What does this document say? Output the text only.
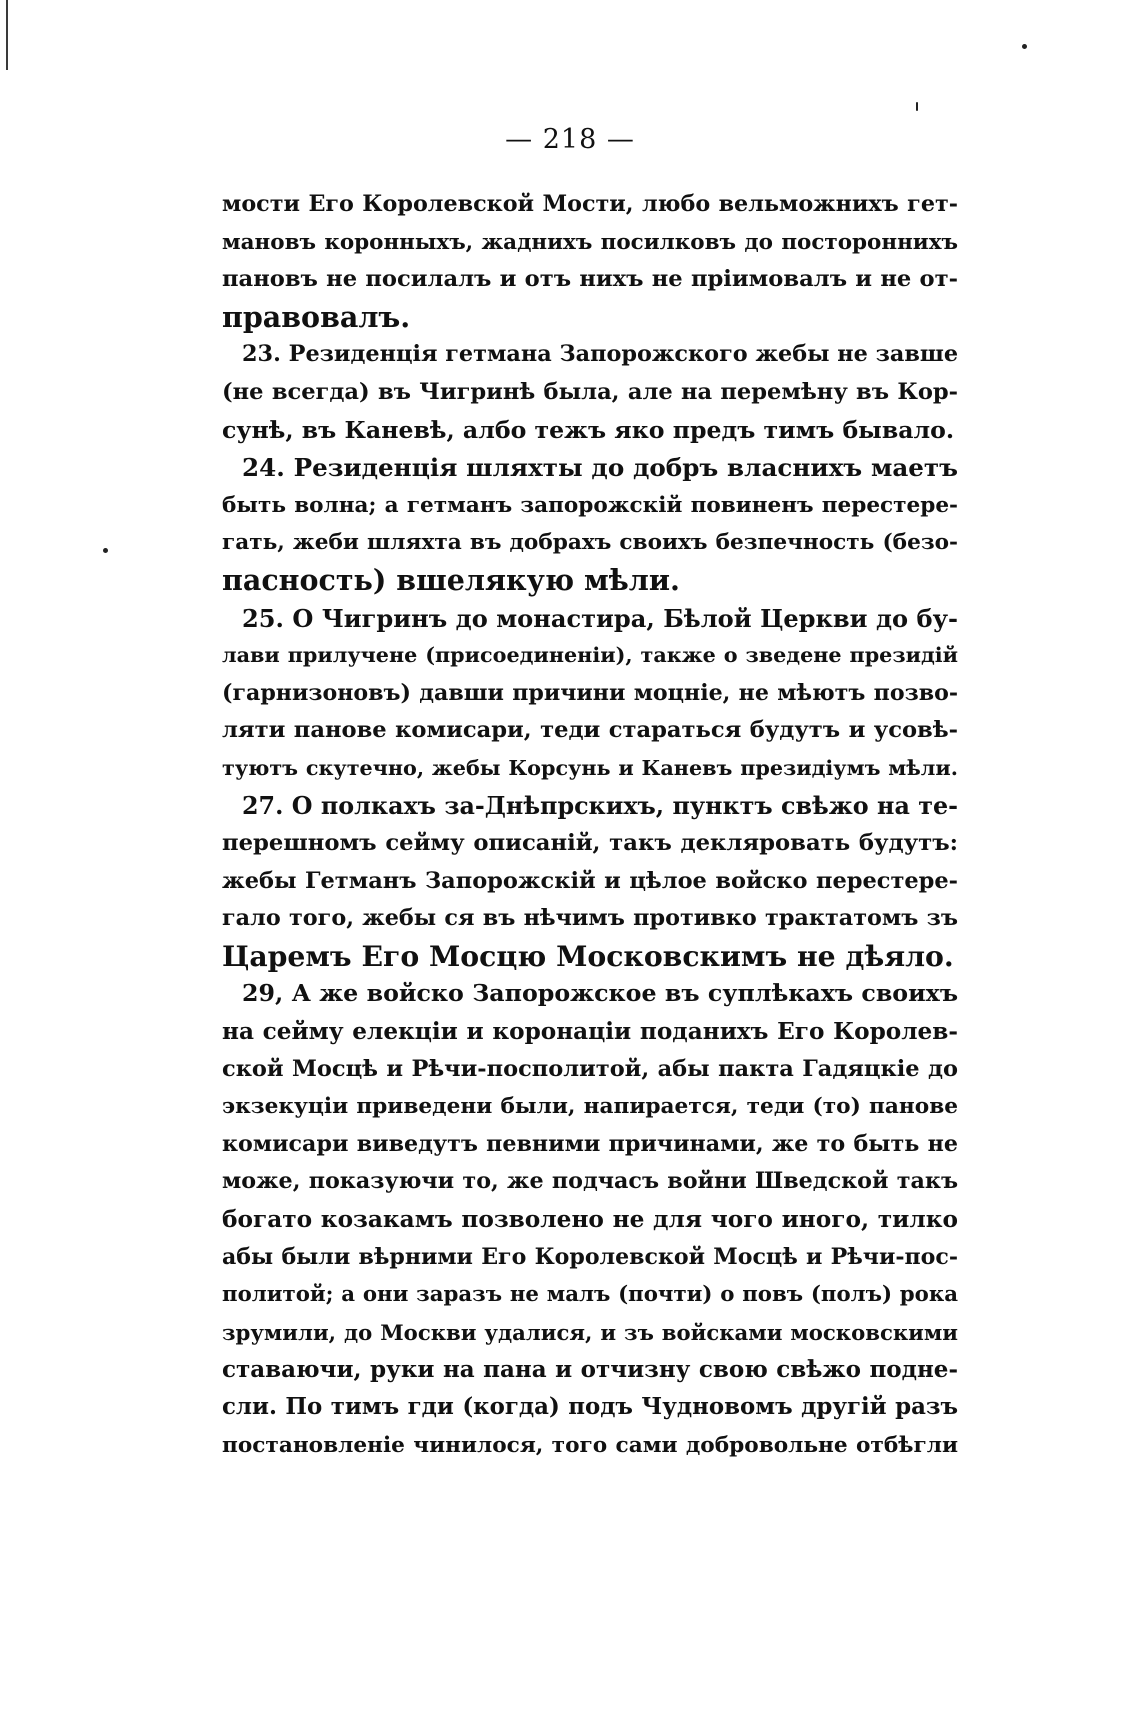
— 218 —
мости Его Королевской Мости, любо вельможнихъ гет-
мановъ коронныхъ, жаднихъ посилковъ до постороннихъ
пановъ не посилалъ и отъ нихъ не пріимовалъ и не от-
правовалъ.
23. Резиденція гетмана Запорожского жебы не завше
(не всегда) въ Чигринѣ была, але на перемѣну въ Кор-
сунѣ, въ Каневѣ, албо тежъ яко предъ тимъ бывало.
24. Резиденція шляхты до добръ власнихъ маетъ
быть волна; а гетманъ запорожскій повиненъ перестере-
гать, жеби шляхта въ добрахъ своихъ безпечность (безо-
пасность) вшелякую мѣли.
25. О Чигринъ до монастира, Бѣлой Церкви до бу-
лави прилучене (присоединеніи), также о зведене президій
(гарнизоновъ) давши причини моцніе, не мѣютъ позво-
ляти панове комисари, теди стараться будутъ и усовѣ-
туютъ скутечно, жебы Корсунь и Каневъ президіумъ мѣли.
27. О полкахъ за-Днѣпрскихъ, пунктъ свѣжо на те-
перешномъ сейму описаній, такъ декляровать будутъ:
жебы Гетманъ Запорожскій и цѣлое войско перестере-
гало того, жебы ся въ нѣчимъ противко трактатомъ зъ
Царемъ Его Мосцю Московскимъ не дѣяло.
29, А же войско Запорожское въ суплѣкахъ своихъ
на сейму елекціи и коронаціи поданихъ Его Королев-
ской Мосцѣ и Рѣчи-посполитой, абы пакта Гадяцкіе до
экзекуціи приведени были, напирается, теди (то) панове
комисари виведутъ певними причинами, же то быть не
може, показуючи то, же подчасъ войни Шведской такъ
богато козакамъ позволено не для чого иного, тилко
абы были вѣрними Его Королевской Мосцѣ и Рѣчи-пос-
политой; а они заразъ не малъ (почти) о повъ (полъ) рока
зрумили, до Москви удалися, и зъ войсками московскими
ставаючи, руки на пана и отчизну свою свѣжо подне-
сли. По тимъ гди (когда) подъ Чудновомъ другій разъ
постановленіе чинилося, того сами добровольне отбѣгли
